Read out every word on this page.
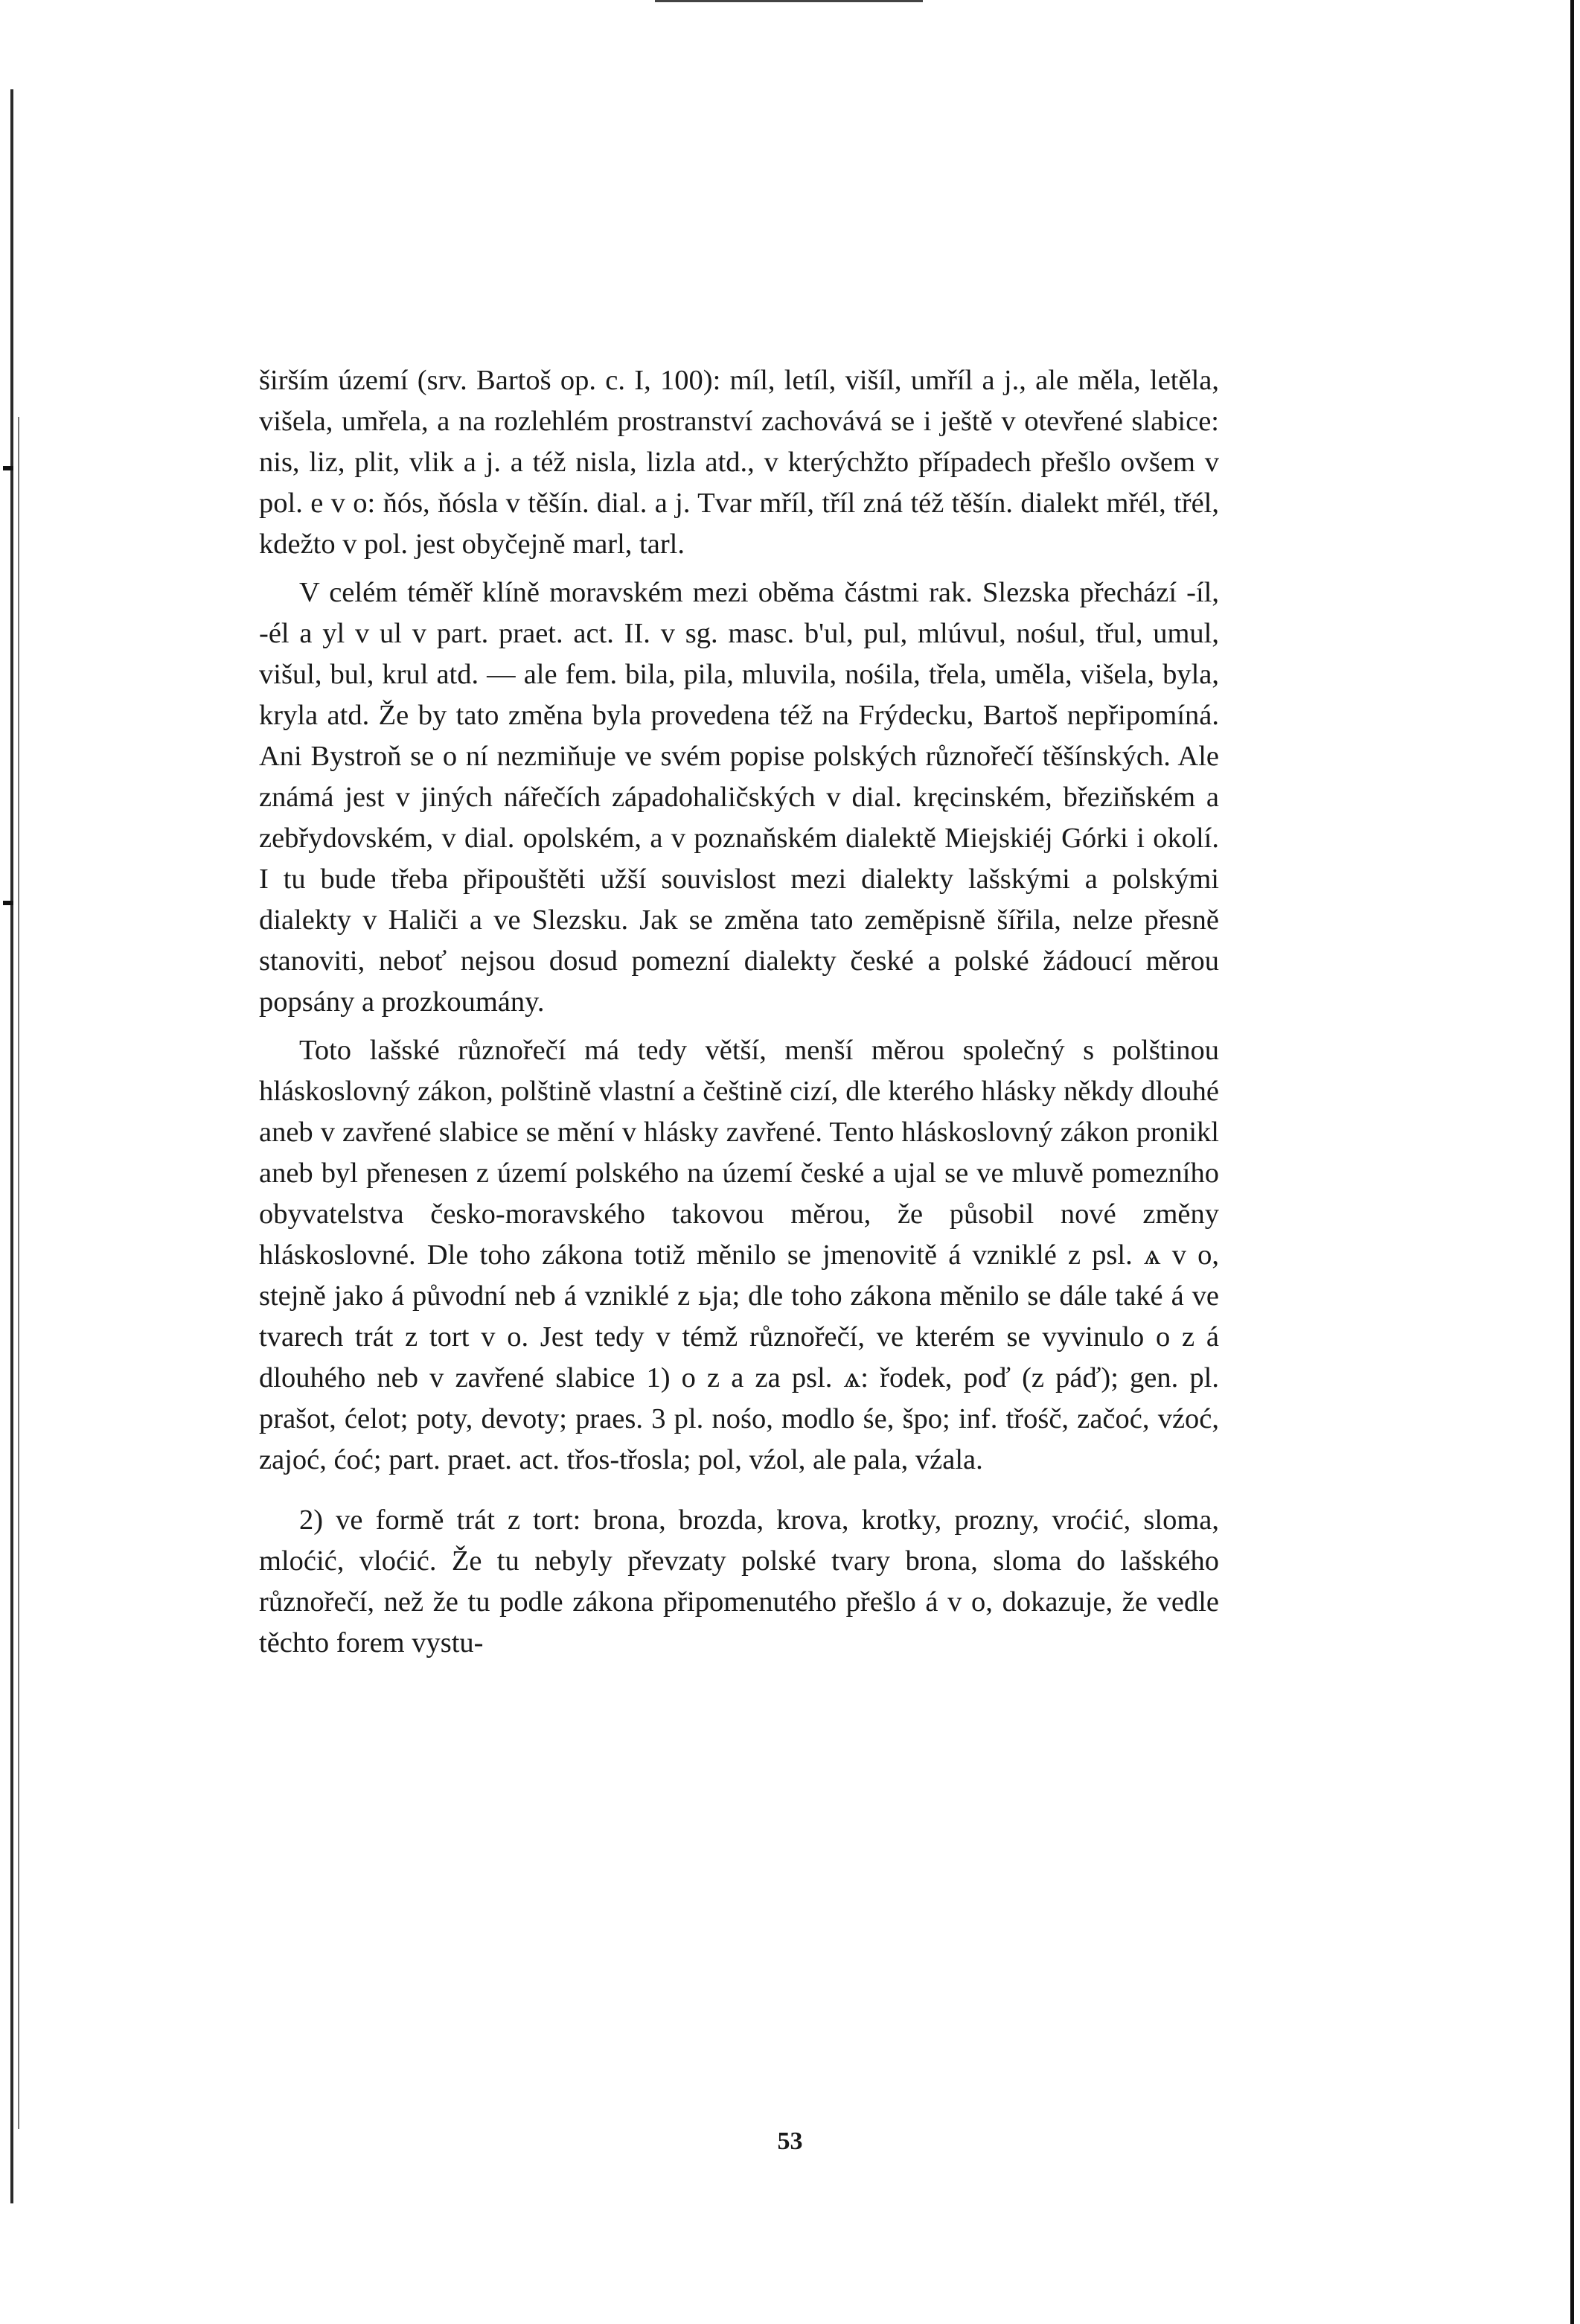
širším území (srv. Bartoš op. c. I, 100): míl, letíl, višíl, umříl a j., ale měla, letěla, višela, umřela, a na rozlehlém prostranství zachovává se i ještě v otevřené slabice: nis, liz, plit, vlik a j. a též nisla, lizla atd., v kterýchžto případech přešlo ovšem v pol. e v o: ňós, ňósla v těšín. dial. a j. Tvar mříl, tříl zná též těšín. dialekt mřél, třél, kdežto v pol. jest obyčejně marl, tarl.

V celém téměř klíně moravském mezi oběma částmi rak. Slezska přechází -íl, -él a yl v ul v part. praet. act. II. v sg. masc. b'ul, pul, mlúvul, nośul, třul, umul, višul, bul, krul atd. — ale fem. bila, pila, mluvila, nośila, třela, uměla, višela, byla, kryla atd. Že by tato změna byla provedena též na Frýdecku, Bartoš nepřipomíná. Ani Bystroň se o ní nezmiňuje ve svém popise polských různořečí těšínských. Ale známá jest v jiných nářečích západohaličských v dial. kręcinském, březiňském a zebřydovském, v dial. opolském, a v poznaňském dialektě Miejskiéj Górki i okolí. I tu bude třeba připouštěti užší souvislost mezi dialekty lašskými a polskými dialekty v Haliči a ve Slezsku. Jak se změna tato zeměpisně šířila, nelze přesně stanoviti, neboť nejsou dosud pomezní dialekty české a polské žádoucí měrou popsány a prozkoumány.

Toto lašské různořečí má tedy větší, menší měrou společný s polštinou hláskoslovný zákon, polštině vlastní a češtině cizí, dle kterého hlásky někdy dlouhé aneb v zavřené slabice se mění v hlásky zavřené. Tento hláskoslovný zákon pronikl aneb byl přenesen z území polského na území české a ujal se ve mluvě pomezního obyvatelstva česko-moravského takovou měrou, že působil nové změny hláskoslovné. Dle toho zákona totiž měnilo se jmenovitě á vzniklé z psl. ѧ v o, stejně jako á původní neb á vzniklé z ьja; dle toho zákona měnilo se dále také á ve tvarech trát z tort v o. Jest tedy v témž různořečí, ve kterém se vyvinulo o z á dlouhého neb v zavřené slabice 1) o z a za psl. ѧ: řodek, poď (z páď); gen. pl. prašot, ćelot; poty, devoty; praes. 3 pl. nośo, modlo śe, špo; inf. třośč, začoć, vźoć, zajoć, ćoć; part. praet. act. třos-třosla; pol, vźol, ale pala, vźala.

2) ve formě trát z tort: brona, brozda, krova, krotky, prozny, vroćić, sloma, mloćić, vloćić. Že tu nebyly převzaty polské tvary brona, sloma do lašského různořečí, než že tu podle zákona připomenutého přešlo á v o, dokazuje, že vedle těchto forem vystu-

53
